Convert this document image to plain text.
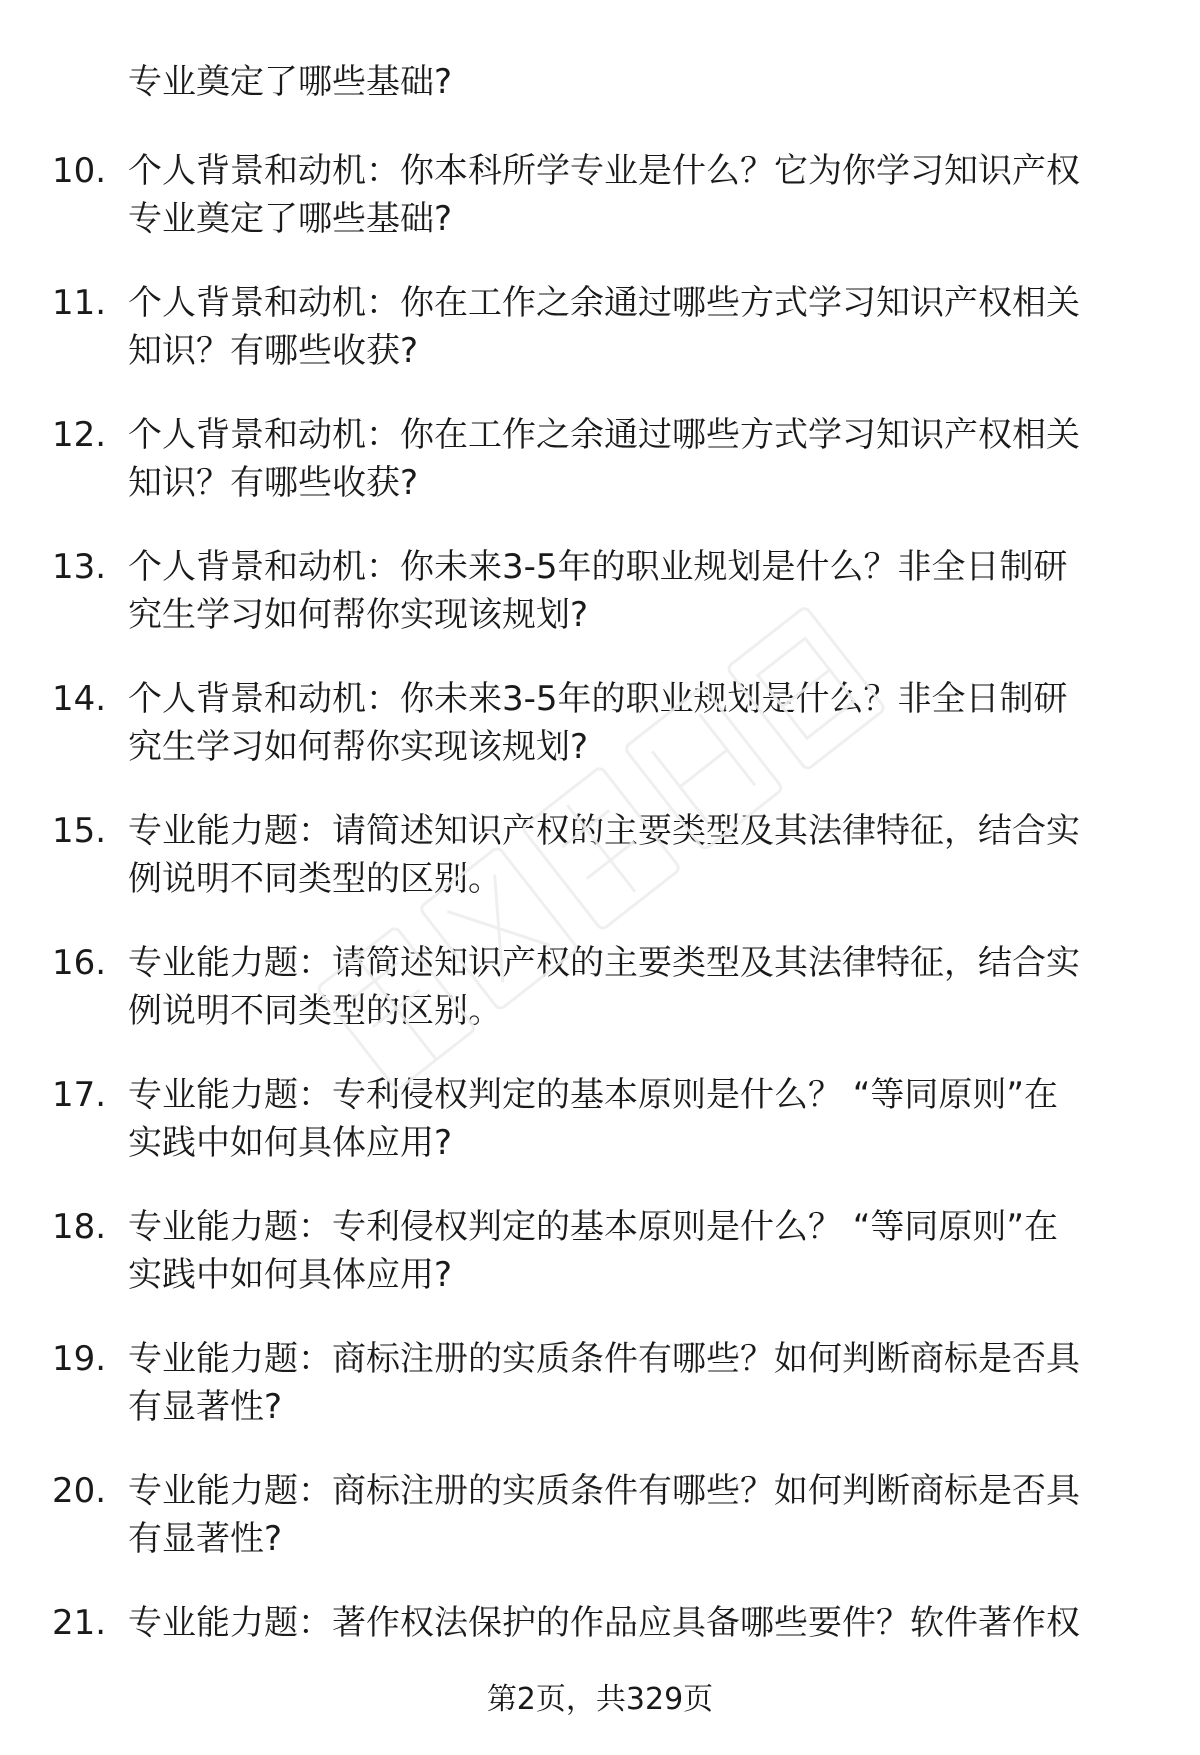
专业奠定了哪些基础?
10. 个人背景和动机：你本科所学专业是什么？它为你学习知识产权
专业奠定了哪些基础?

11. 个人背景和动机：你在工作之余通过哪些方式学习知识产权相关
知识？有哪些收获?

12. 个人背景和动机：你在工作之余通过哪些方式学习知识产权相关
知识？有哪些收获?

13. 个人背景和动机：你未来3-5年的职业规划是什么？非全日制研
究生学习如何帮你实现该规划?

14. 个人背景和动机：你未来3-5年的职业规划是什么？非全日制研
究生学习如何帮你实现该规划?

15. 专业能力题：请简述知识产权的主要类型及其法律特征，结合实
例说明不同类型的区别。

16. 专业能力题：请简述知识产权的主要类型及其法律特征，结合实
例说明不同类型的区别。

17. 专业能力题：专利侵权判定的基本原则是什么？ “等同原则”在
实践中如何具体应用?

18. 专业能力题：专利侵权判定的基本原则是什么？ “等同原则”在
实践中如何具体应用?

19. 专业能力题：商标注册的实质条件有哪些？如何判断商标是否具
有显著性?

20. 专业能力题：商标注册的实质条件有哪些？如何判断商标是否具
有显著性?

21. 专业能力题：著作权法保护的作品应具备哪些要件？软件著作权

第2页，共329页
